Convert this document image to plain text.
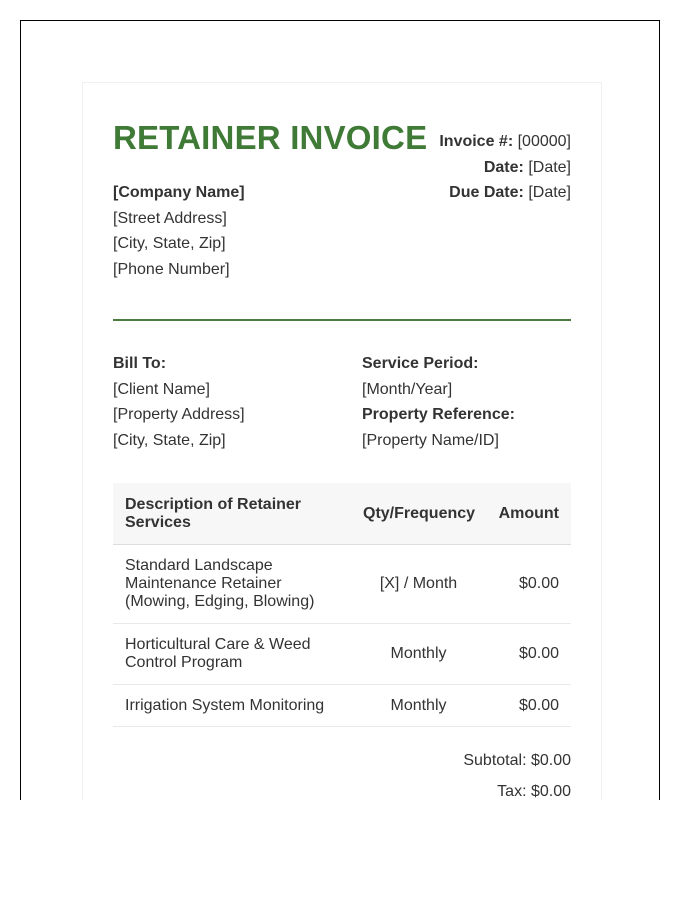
RETAINER INVOICE Invoice #: [00000]
Date: [Date]
Due Date: [Date]
[Company Name]
[Street Address]
[City, State, Zip]
[Phone Number]
Bill To:
[Client Name]
[Property Address]
[City, State, Zip]
Service Period:
[Month/Year]
Property Reference:
[Property Name/ID]
Description of Retainer Services	Qty/Frequency	Amount
Standard Landscape Maintenance Retainer (Mowing, Edging, Blowing)	[X] / Month	$0.00
Horticultural Care & Weed Control Program	Monthly	$0.00
Irrigation System Monitoring	Monthly	$0.00
Subtotal: $0.00
Tax: $0.00
